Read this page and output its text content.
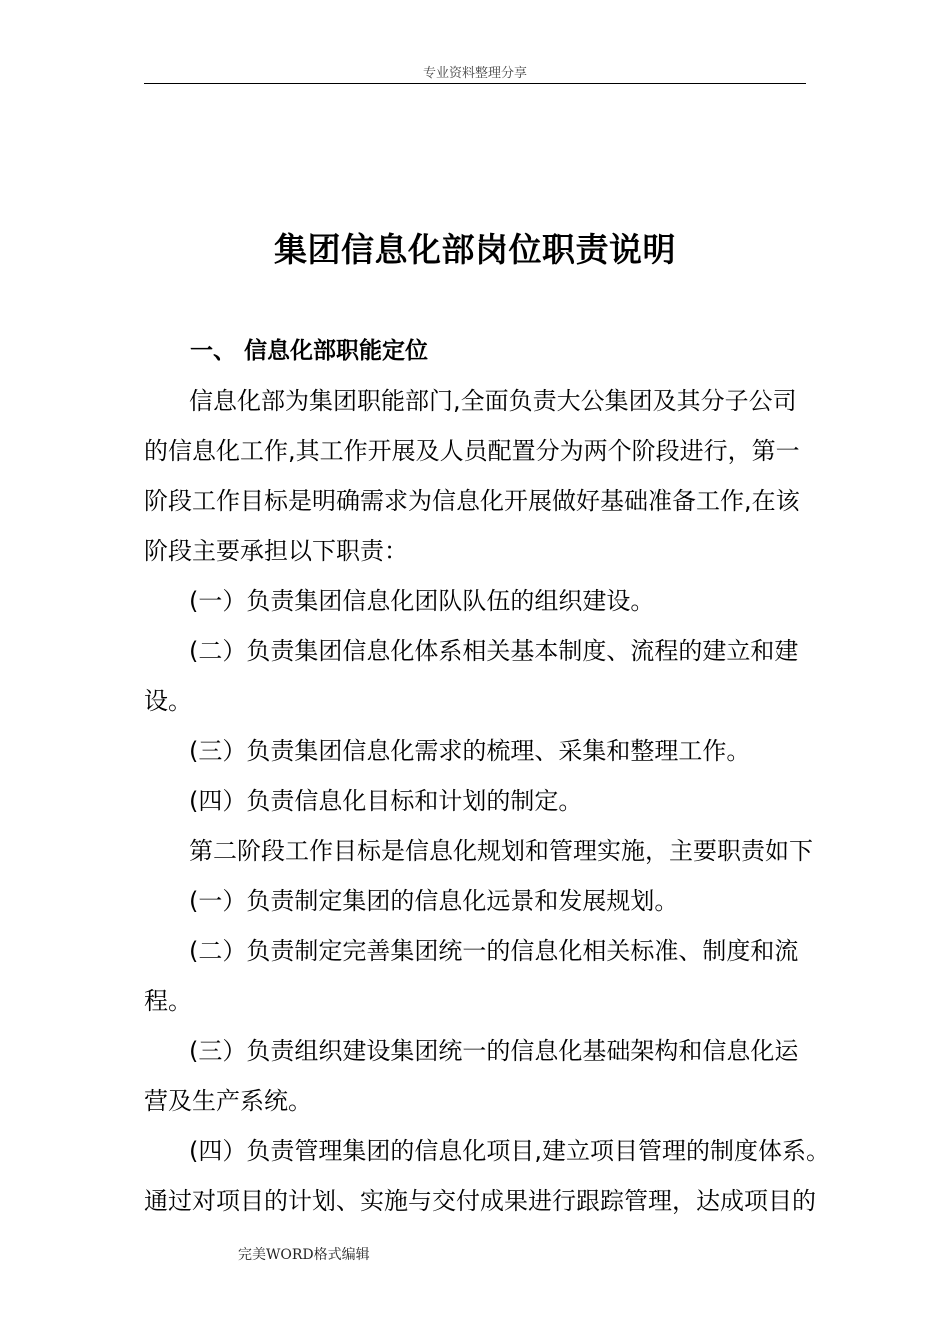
专业资料整理分享
集团信息化部岗位职责说明
一、 信息化部职能定位

信息化部为集团职能部门,全面负责大公集团及其分子公司

的信息化工作,其工作开展及人员配置分为两个阶段进行，第一

阶段工作目标是明确需求为信息化开展做好基础准备工作,在该

阶段主要承担以下职责：

(一）负责集团信息化团队队伍的组织建设。

(二）负责集团信息化体系相关基本制度、流程的建立和建

设。

(三）负责集团信息化需求的梳理、采集和整理工作。

(四）负责信息化目标和计划的制定。

第二阶段工作目标是信息化规划和管理实施，主要职责如下

(一）负责制定集团的信息化远景和发展规划。

(二）负责制定完善集团统一的信息化相关标准、制度和流

程。

(三）负责组织建设集团统一的信息化基础架构和信息化运

营及生产系统。

(四）负责管理集团的信息化项目,建立项目管理的制度体系。

通过对项目的计划、实施与交付成果进行跟踪管理，达成项目的

完美WORD格式编辑
